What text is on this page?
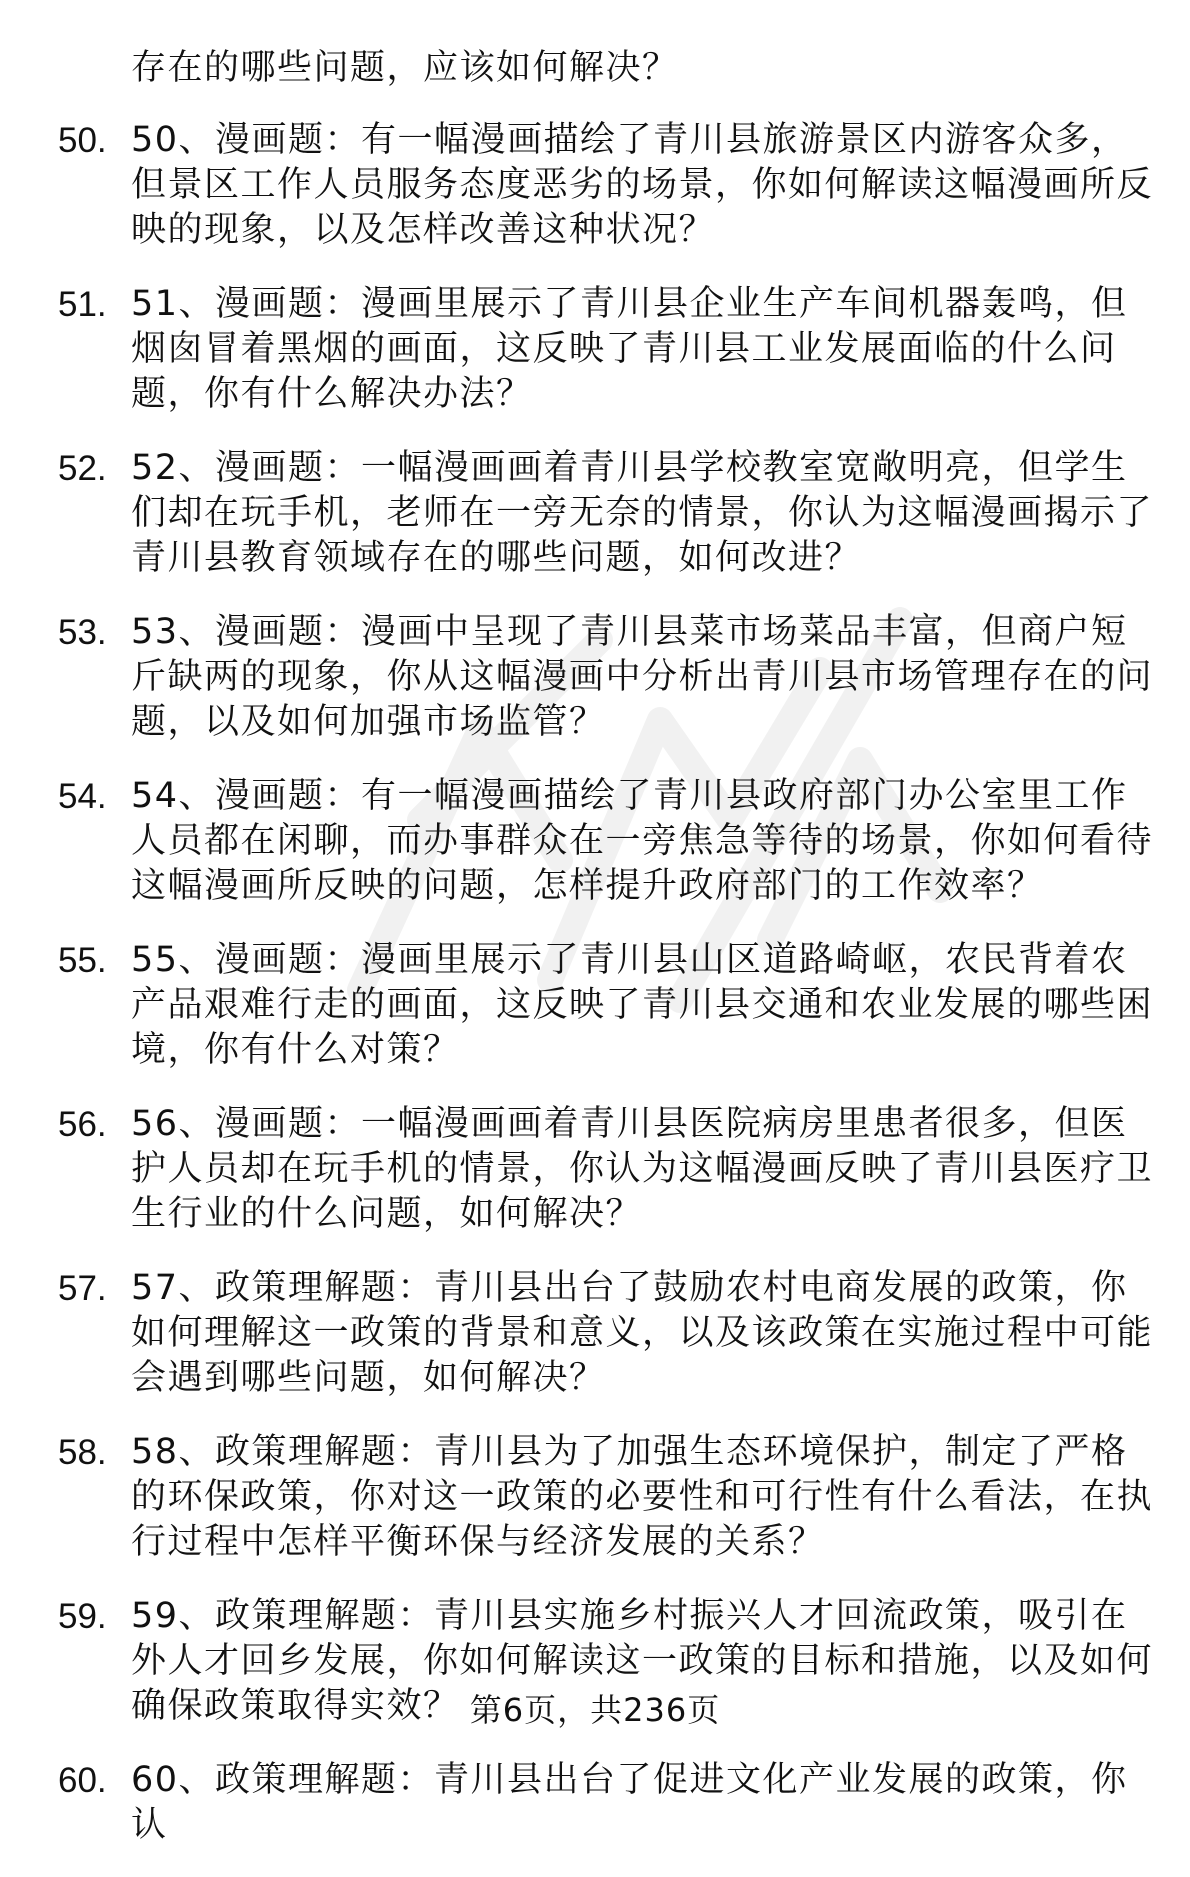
存在的哪些问题，应该如何解决？
50. 50、漫画题：有一幅漫画描绘了青川县旅游景区内游客众多，但景区工作人员服务态度恶劣的场景，你如何解读这幅漫画所反映的现象，以及怎样改善这种状况？
51. 51、漫画题：漫画里展示了青川县企业生产车间机器轰鸣，但烟囱冒着黑烟的画面，这反映了青川县工业发展面临的什么问题，你有什么解决办法？
52. 52、漫画题：一幅漫画画着青川县学校教室宽敞明亮，但学生们却在玩手机，老师在一旁无奈的情景，你认为这幅漫画揭示了青川县教育领域存在的哪些问题，如何改进？
53. 53、漫画题：漫画中呈现了青川县菜市场菜品丰富，但商户短斤缺两的现象，你从这幅漫画中分析出青川县市场管理存在的问题，以及如何加强市场监管？
54. 54、漫画题：有一幅漫画描绘了青川县政府部门办公室里工作人员都在闲聊，而办事群众在一旁焦急等待的场景，你如何看待这幅漫画所反映的问题，怎样提升政府部门的工作效率？
55. 55、漫画题：漫画里展示了青川县山区道路崎岖，农民背着农产品艰难行走的画面，这反映了青川县交通和农业发展的哪些困境，你有什么对策？
56. 56、漫画题：一幅漫画画着青川县医院病房里患者很多，但医护人员却在玩手机的情景，你认为这幅漫画反映了青川县医疗卫生行业的什么问题，如何解决？
57. 57、政策理解题：青川县出台了鼓励农村电商发展的政策，你如何理解这一政策的背景和意义，以及该政策在实施过程中可能会遇到哪些问题，如何解决？
58. 58、政策理解题：青川县为了加强生态环境保护，制定了严格的环保政策，你对这一政策的必要性和可行性有什么看法，在执行过程中怎样平衡环保与经济发展的关系？
59. 59、政策理解题：青川县实施乡村振兴人才回流政策，吸引在外人才回乡发展，你如何解读这一政策的目标和措施，以及如何确保政策取得实效？
60. 60、政策理解题：青川县出台了促进文化产业发展的政策，你认
第6页，共236页
